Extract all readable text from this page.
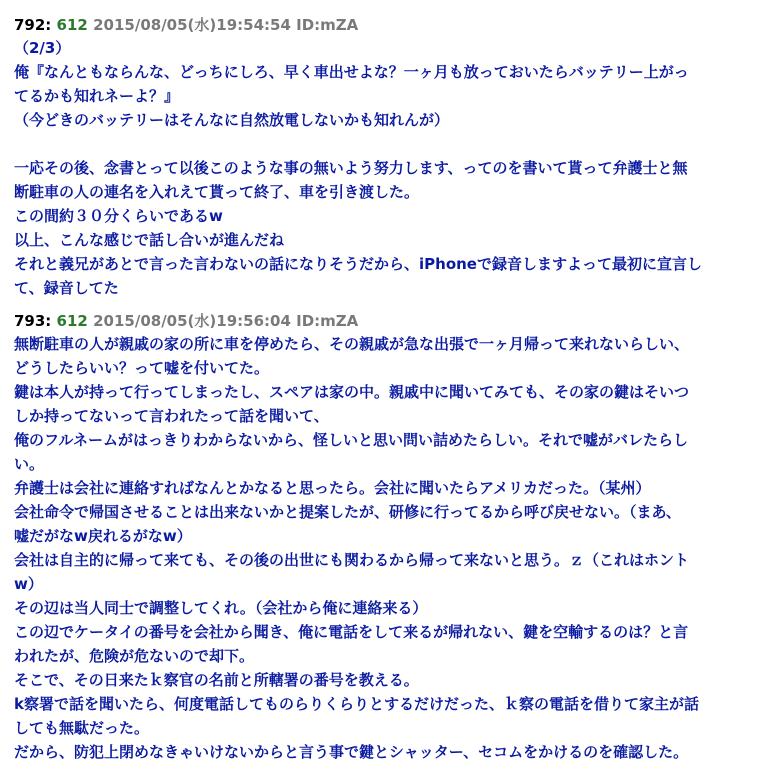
792: 612 2015/08/05(水)19:54:54 ID:mZA
（2/3）
俺『なんともならんな、どっちにしろ、早く車出せよな？一ヶ月も放っておいたらバッテリー上がっ
てるかも知れネーよ？』
（今どきのバッテリーはそんなに自然放電しないかも知れんが）
一応その後、念書とって以後このような事の無いよう努力します、ってのを書いて貰って弁護士と無
断駐車の人の連名を入れえて貰って終了、車を引き渡した。
この間約３０分くらいであるw
以上、こんな感じで話し合いが進んだね
それと義兄があとで言った言わないの話になりそうだから、iPhoneで録音しますよって最初に宣言し
て、録音してた
793: 612 2015/08/05(水)19:56:04 ID:mZA
無断駐車の人が親戚の家の所に車を停めたら、その親戚が急な出張で一ヶ月帰って来れないらしい、
どうしたらいい？って嘘を付いてた。
鍵は本人が持って行ってしまったし、スペアは家の中。親戚中に聞いてみても、その家の鍵はそいつ
しか持ってないって言われたって話を聞いて、
俺のフルネームがはっきりわからないから、怪しいと思い問い詰めたらしい。それで嘘がバレたらし
い。
弁護士は会社に連絡すればなんとかなると思ったら。会社に聞いたらアメリカだった。（某州）
会社命令で帰国させることは出来ないかと提案したが、研修に行ってるから呼び戻せない。（まあ、
嘘だがなw戻れるがなw）
会社は自主的に帰って来ても、その後の出世にも関わるから帰って来ないと思う。ｚ（これはホント
w）
その辺は当人同士で調整してくれ。（会社から俺に連絡来る）
この辺でケータイの番号を会社から聞き、俺に電話をして来るが帰れない、鍵を空輸するのは？と言
われたが、危険が危ないので却下。
そこで、その日来たｋ察官の名前と所轄署の番号を教える。
k察署で話を聞いたら、何度電話してものらりくらりとするだけだった、ｋ察の電話を借りて家主が話
しても無駄だった。
だから、防犯上閉めなきゃいけないからと言う事で鍵とシャッター、セコムをかけるのを確認した。
